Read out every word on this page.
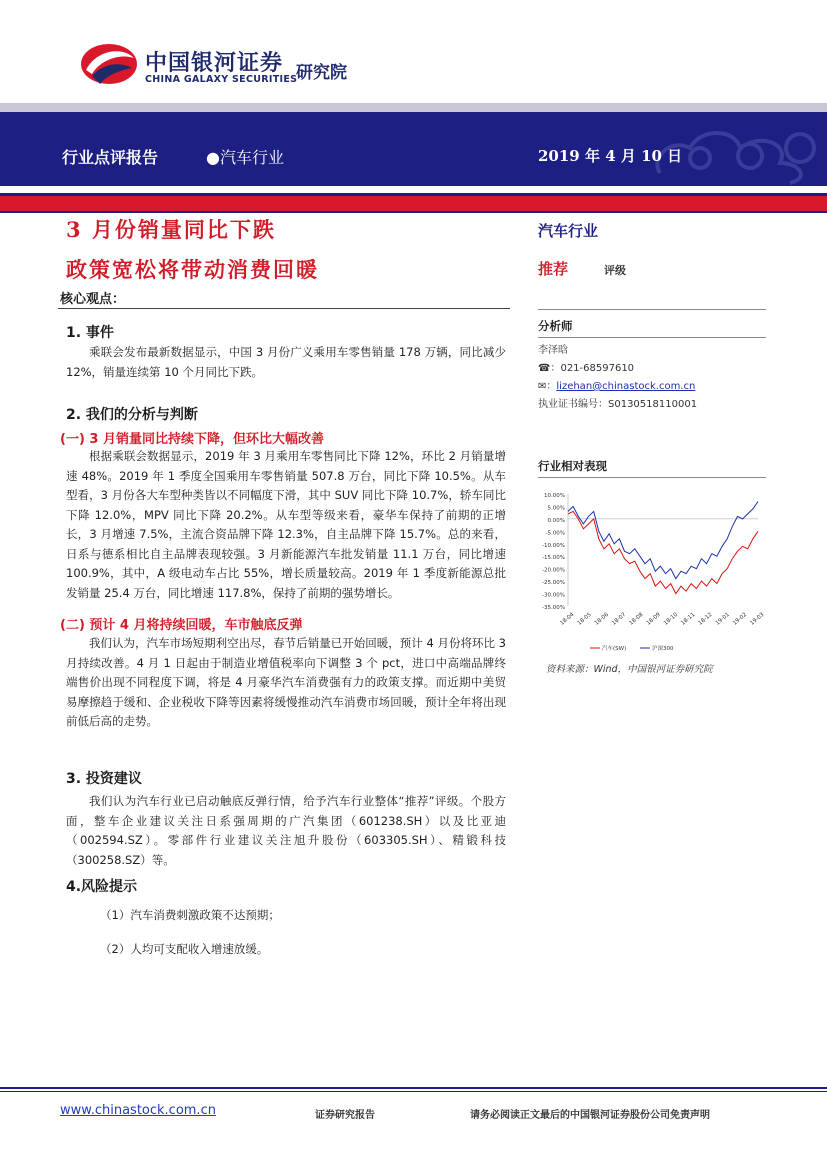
中国银河证券
CHINA GALAXY SECURITIES
研究院
行业点评报告	●汽车行业	2019 年 4 月 10 日
3 月份销量同比下跌
政策宽松将带动消费回暖
核心观点：
1. 事件
乘联会发布最新数据显示，中国 3 月份广义乘用车零售销量 178 万辆，同比减少 12%，销量连续第 10 个月同比下跌。
2. 我们的分析与判断
(一) 3 月销量同比持续下降，但环比大幅改善
根据乘联会数据显示，2019 年 3 月乘用车零售同比下降 12%，环比 2 月销量增速 48%。2019 年 1 季度全国乘用车零售销量 507.8 万台，同比下降 10.5%。从车型看，3 月份各大车型种类皆以不同幅度下滑，其中 SUV 同比下降 10.7%，轿车同比下降 12.0%，MPV 同比下降 20.2%。从车型等级来看，豪华车保持了前期的正增长，3 月增速 7.5%，主流合资品牌下降 12.3%，自主品牌下降 15.7%。总的来看，日系与德系相比自主品牌表现较强。3 月新能源汽车批发销量 11.1 万台，同比增速 100.9%，其中，A 级电动车占比 55%，增长质量较高。2019 年 1 季度新能源总批发销量 25.4 万台，同比增速 117.8%，保持了前期的强势增长。
(二) 预计 4 月将持续回暖，车市触底反弹
我们认为，汽车市场短期利空出尽，春节后销量已开始回暖，预计 4 月份将环比 3 月持续改善。4 月 1 日起由于制造业增值税率向下调整 3 个 pct，进口中高端品牌终端售价出现不同程度下调，将是 4 月豪华汽车消费强有力的政策支撑。而近期中美贸易摩擦趋于缓和、企业税收下降等因素将缓慢推动汽车消费市场回暖，预计全年将出现前低后高的走势。
3. 投资建议
我们认为汽车行业已启动触底反弹行情，给予汽车行业整体“推荐”评级。个股方面，整车企业建议关注日系强周期的广汽集团（601238.SH）以及比亚迪（002594.SZ）。零部件行业建议关注旭升股份（603305.SH）、精锻科技（300258.SZ）等。
4.风险提示
（1）汽车消费刺激政策不达预期；
（2）人均可支配收入增速放缓。
汽车行业
推荐	评级
分析师
李泽晗
☎：021-68597610
✉：lizehan@chinastock.com.cn
执业证书编号：S0130518110001
行业相对表现
10.00%
5.00%
0.00%
-5.00%
-10.00%
-15.00%
-20.00%
-25.00%
-30.00%
-35.00%
18-04 18-05 18-06 18-07 18-08 18-09 18-10 18-11 18-12 19-01 19-02 19-03
汽车(SW)	沪深300
资料来源：Wind，中国银河证券研究院
www.chinastock.com.cn	证券研究报告	请务必阅读正文最后的中国银河证券股份公司免责声明
